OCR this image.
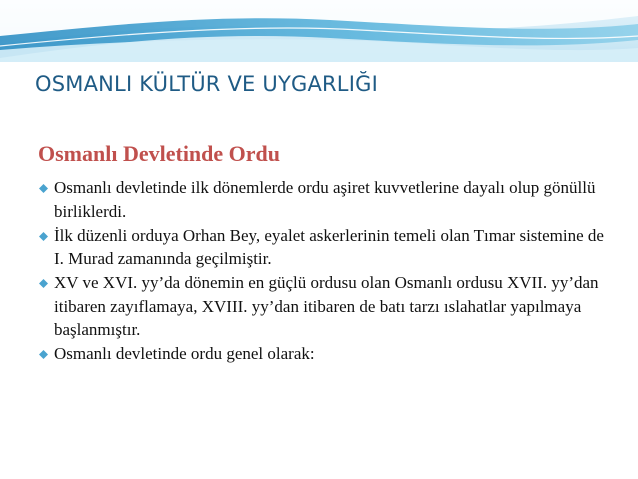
OSMANLI KÜLTÜR VE UYGARLIĞI
Osmanlı Devletinde Ordu
Osmanlı devletinde ilk dönemlerde ordu aşiret kuvvetlerine dayalı olup gönüllü birliklerdi.
İlk düzenli orduya Orhan Bey, eyalet askerlerinin temeli olan Tımar sistemine de I. Murad zamanında geçilmiştir.
XV ve XVI. yy’da dönemin en güçlü ordusu olan Osmanlı ordusu XVII. yy’dan itibaren zayıflamaya, XVIII. yy’dan itibaren de batı tarzı ıslahatlar yapılmaya başlanmıştır.
Osmanlı devletinde ordu genel olarak:
